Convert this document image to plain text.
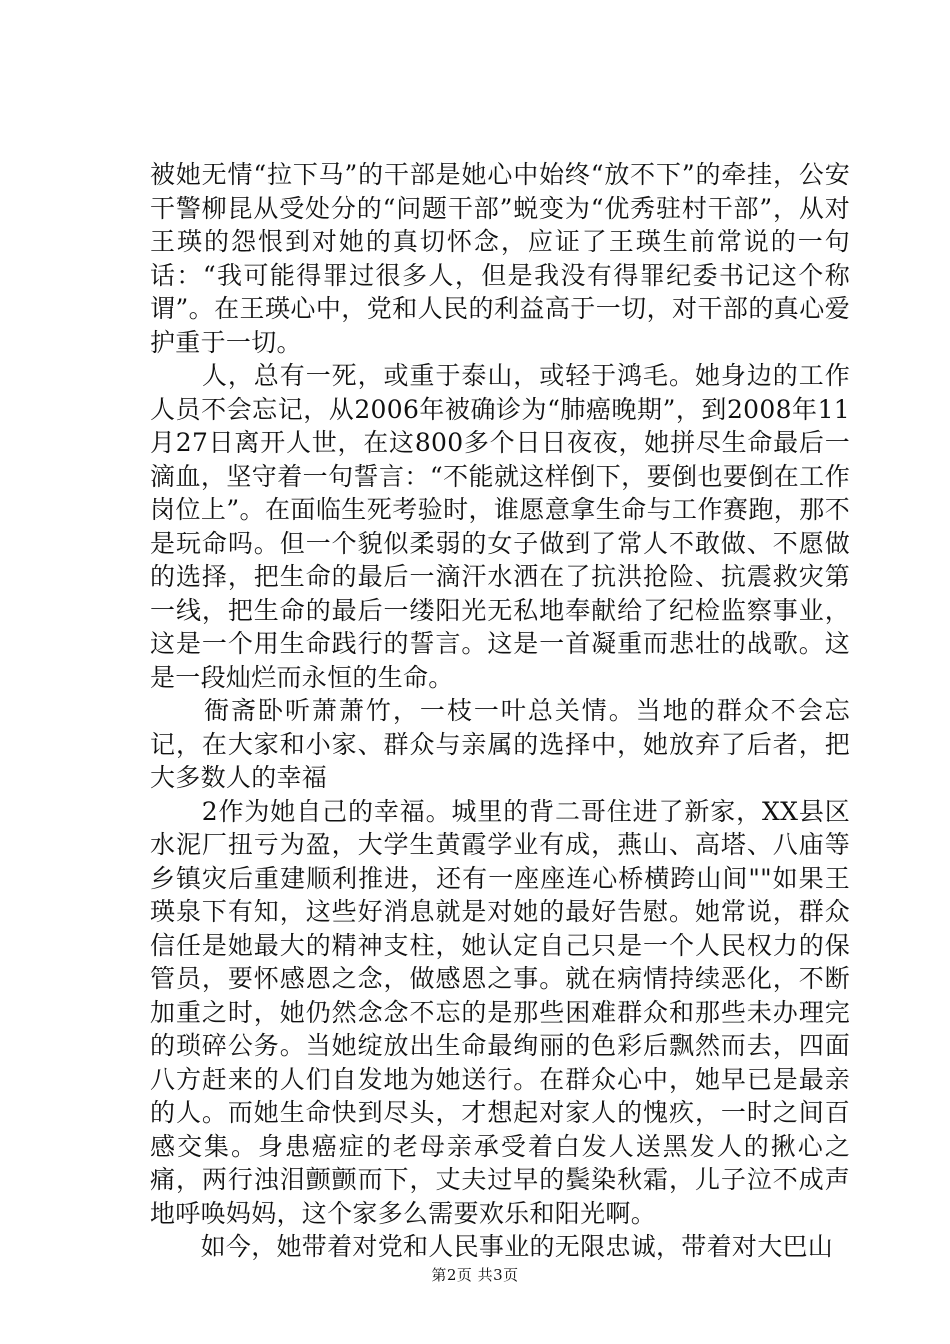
被她无情“拉下马”的干部是她心中始终“放不下”的牵挂，公安干警柳昆从受处分的“问题干部”蜕变为“优秀驻村干部”，从对王瑛的怨恨到对她的真切怀念，应证了王瑛生前常说的一句话：“我可能得罪过很多人，但是我没有得罪纪委书记这个称谓”。在王瑛心中，党和人民的利益高于一切，对干部的真心爱护重于一切。

　　人，总有一死，或重于泰山，或轻于鸿毛。她身边的工作人员不会忘记，从2006年被确诊为“肺癌晚期”，到2008年11月27日离开人世，在这800多个日日夜夜，她拼尽生命最后一滴血，坚守着一句誓言：“不能就这样倒下，要倒也要倒在工作岗位上”。在面临生死考验时，谁愿意拿生命与工作赛跑，那不是玩命吗。但一个貌似柔弱的女子做到了常人不敢做、不愿做的选择，把生命的最后一滴汗水洒在了抗洪抢险、抗震救灾第一线，把生命的最后一缕阳光无私地奉献给了纪检监察事业，这是一个用生命践行的誓言。这是一首凝重而悲壮的战歌。这是一段灿烂而永恒的生命。

　　衙斋卧听萧萧竹，一枝一叶总关情。当地的群众不会忘记，在大家和小家、群众与亲属的选择中，她放弃了后者，把大多数人的幸福

　　2作为她自己的幸福。城里的背二哥住进了新家，XX县区水泥厂扭亏为盈，大学生黄霞学业有成，燕山、高塔、八庙等乡镇灾后重建顺利推进，还有一座座连心桥横跨山间""如果王瑛泉下有知，这些好消息就是对她的最好告慰。她常说，群众信任是她最大的精神支柱，她认定自己只是一个人民权力的保管员，要怀感恩之念，做感恩之事。就在病情持续恶化，不断加重之时，她仍然念念不忘的是那些困难群众和那些未办理完的琐碎公务。当她绽放出生命最绚丽的色彩后飘然而去，四面八方赶来的人们自发地为她送行。在群众心中，她早已是最亲的人。而她生命快到尽头，才想起对家人的愧疚，一时之间百感交集。身患癌症的老母亲承受着白发人送黑发人的揪心之痛，两行浊泪颤颤而下，丈夫过早的鬓染秋霜，儿子泣不成声地呼唤妈妈，这个家多么需要欢乐和阳光啊。

　　如今，她带着对党和人民事业的无限忠诚，带着对大巴山

第2页 共3页
